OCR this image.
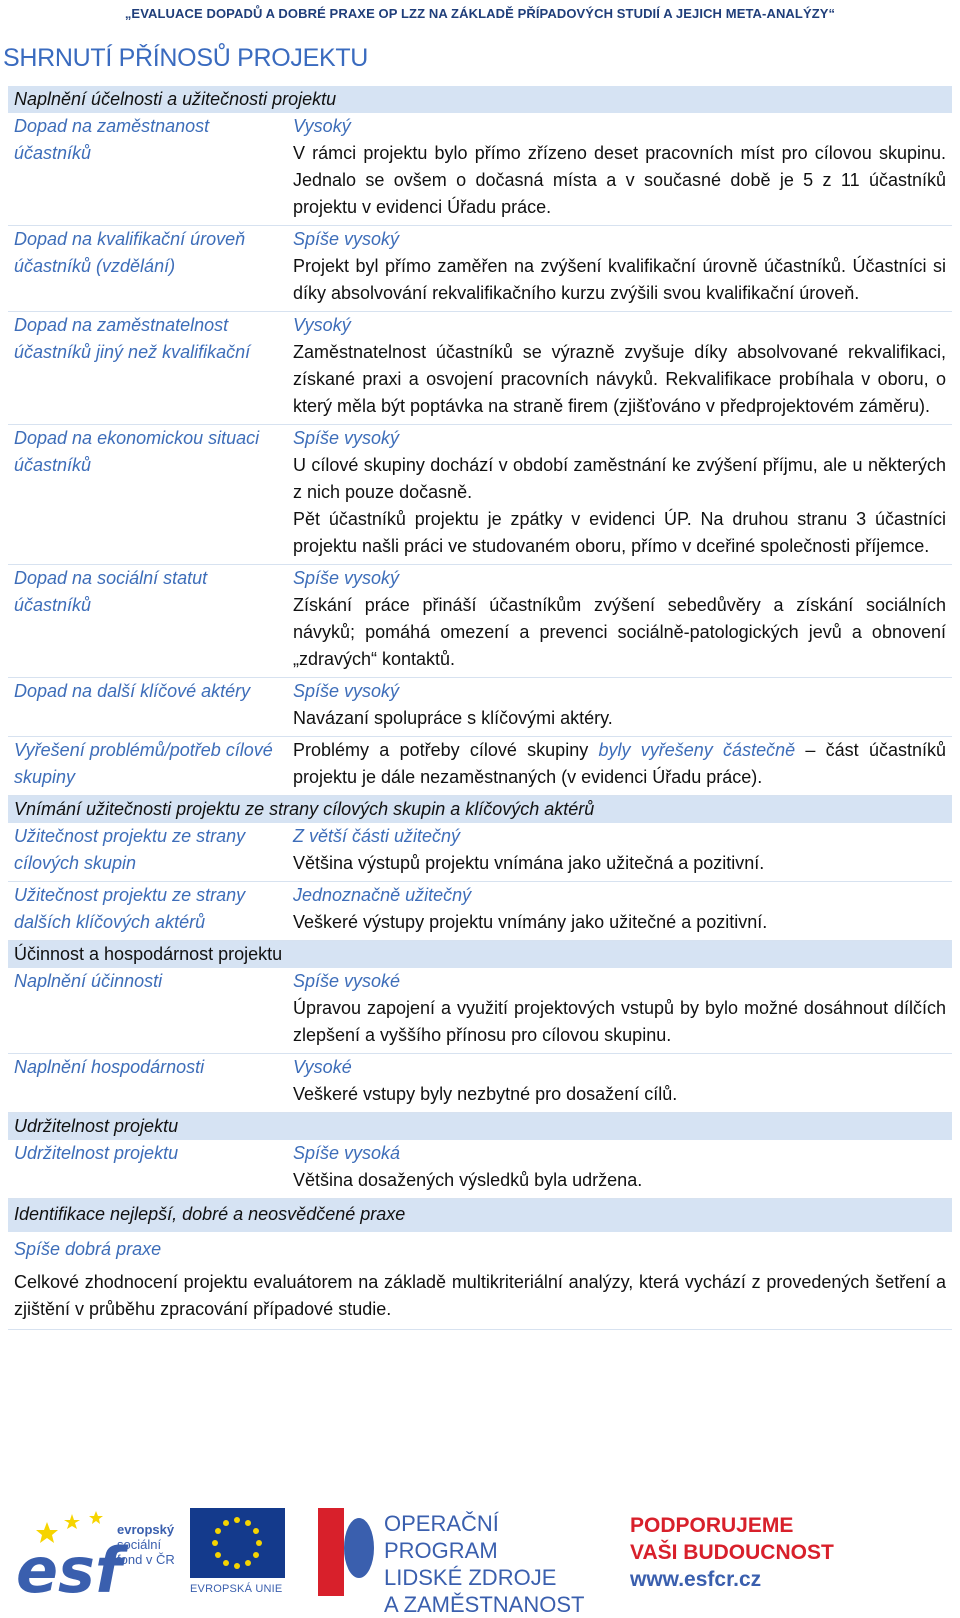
„EVALUACE DOPADŮ A DOBRÉ PRAXE OP LZZ NA ZÁKLADĚ PŘÍPADOVÝCH STUDIÍ A JEJICH META-ANALÝZY“
SHRNUTÍ PŘÍNOSŮ PROJEKTU
Naplnění účelnosti a užitečnosti projektu	
Dopad na zaměstnanost účastníků	Vysoký
V rámci projektu bylo přímo zřízeno deset pracovních míst pro cílovou skupinu. Jednalo se ovšem o dočasná místa a v současné době je 5 z 11 účastníků projektu v evidenci Úřadu práce.

Dopad na kvalifikační úroveň účastníků (vzdělání)	Spíše vysoký
Projekt byl přímo zaměřen na zvýšení kvalifikační úrovně účastníků. Účastníci si díky absolvování rekvalifikačního kurzu zvýšili svou kvalifikační úroveň.

Dopad na zaměstnatelnost účastníků jiný než kvalifikační	Vysoký
Zaměstnatelnost účastníků se výrazně zvyšuje díky absolvované rekvalifikaci, získané praxi a osvojení pracovních návyků. Rekvalifikace probíhala v oboru, o který měla být poptávka na straně firem (zjišťováno v předprojektovém záměru).

Dopad na ekonomickou situaci účastníků	Spíše vysoký
U cílové skupiny dochází v období zaměstnání ke zvýšení příjmu, ale u některých z nich pouze dočasně.
Pět účastníků projektu je zpátky v evidenci ÚP. Na druhou stranu 3 účastníci projektu našli práci ve studovaném oboru, přímo v dceřiné společnosti příjemce.

Dopad na sociální statut účastníků	Spíše vysoký
Získání práce přináší účastníkům zvýšení sebedůvěry a získání sociálních návyků; pomáhá omezení a prevenci sociálně-patologických jevů a obnovení „zdravých“ kontaktů.

Dopad na další klíčové aktéry	Spíše vysoký
Navázaní spolupráce s klíčovými aktéry.

Vyřešení problémů/potřeb cílové skupiny	Problémy a potřeby cílové skupiny byly vyřešeny částečně – část účastníků projektu je dále nezaměstnaných (v evidenci Úřadu práce).

Vnímání užitečnosti projektu ze strany cílových skupin a klíčových aktérů	
Užitečnost projektu ze strany cílových skupin	Z větší části užitečný
Většina výstupů projektu vnímána jako užitečná a pozitivní.

Užitečnost projektu ze strany dalších klíčových aktérů	Jednoznačně užitečný
Veškeré výstupy projektu vnímány jako užitečné a pozitivní.

Účinnost a hospodárnost projektu	
Naplnění účinnosti	Spíše vysoké
Úpravou zapojení a využití projektových vstupů by bylo možné dosáhnout dílčích zlepšení a vyššího přínosu pro cílovou skupinu.

Naplnění hospodárnosti	Vysoké
Veškeré vstupy byly nezbytné pro dosažení cílů.

Udržitelnost projektu	
Udržitelnost projektu	Spíše vysoká
Většina dosažených výsledků byla udržena.

Identifikace nejlepší, dobré a neosvědčené praxe	

Spíše dobrá praxe
Celkové zhodnocení projektu evaluátorem na základě multikriteriální analýzy, která vychází z provedených šetření a zjištění v průběhu zpracování případové studie.	
esf
evropský
sociální
fond v ČR
EVROPSKÁ UNIE
OPERAČNÍ PROGRAM
LIDSKÉ ZDROJE
A ZAMĚSTNANOST
PODPORUJEME
VAŠI BUDOUCNOST
www.esfcr.cz
